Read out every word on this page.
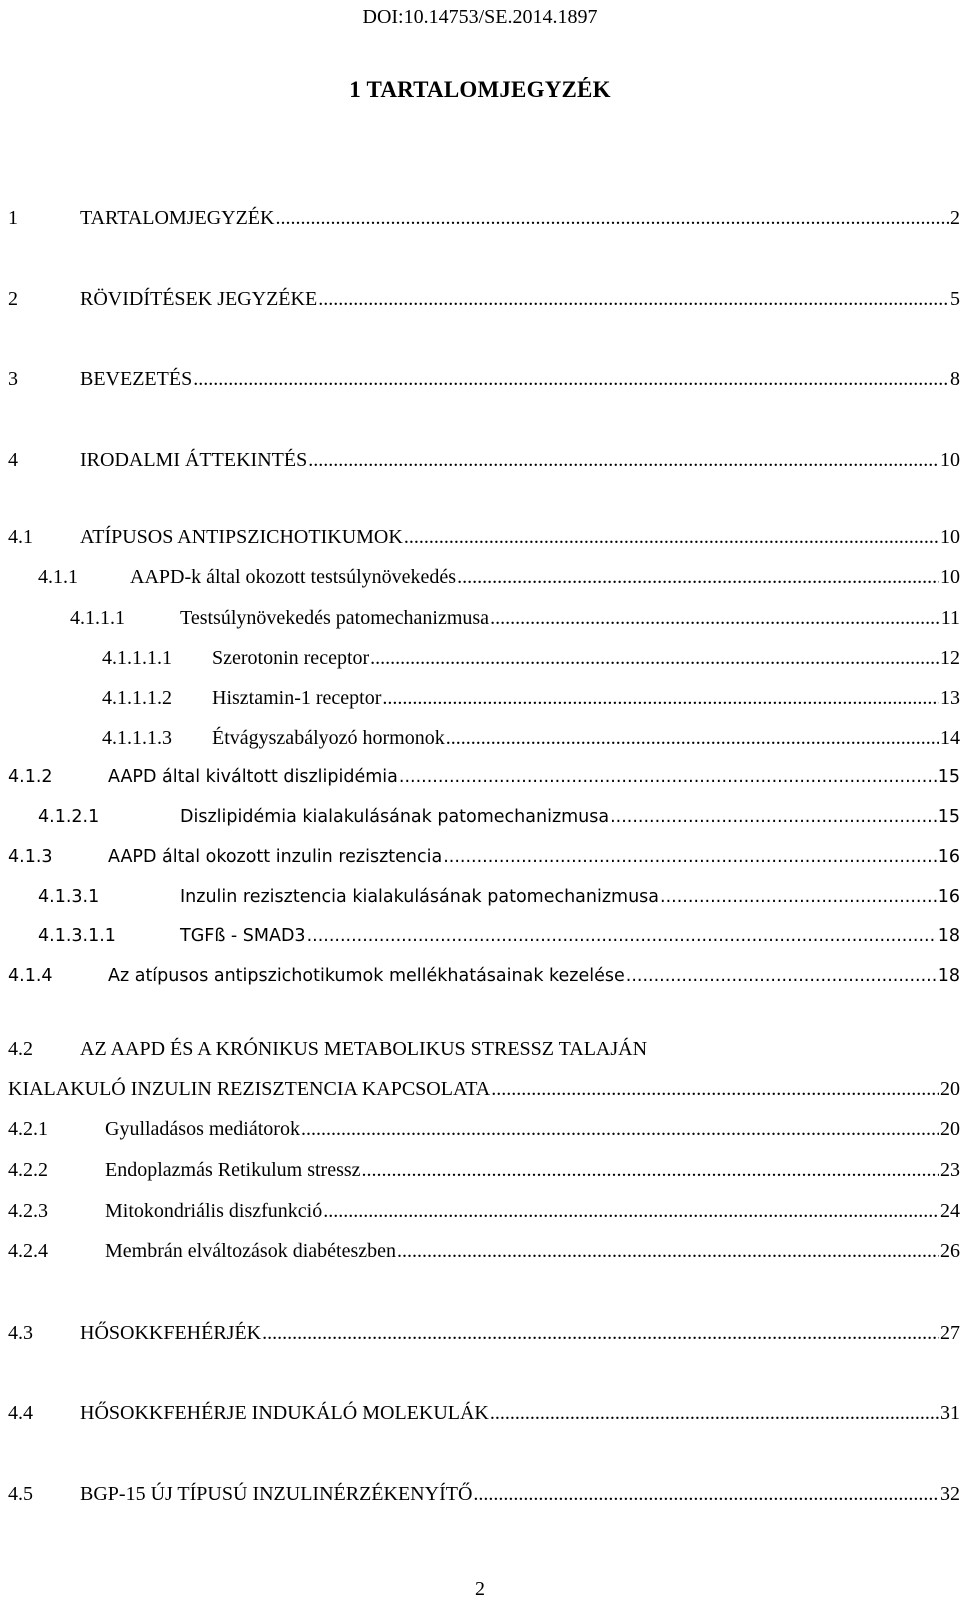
DOI:10.14753/SE.2014.1897
1 TARTALOMJEGYZÉK
1	TARTALOMJEGYZÉK .....	2
2	RÖVIDÍTÉSEK JEGYZÉKE .....	5
3	BEVEZETÉS .....	8
4	IRODALMI ÁTTEKINTÉS .....	10
4.1 ATÍPUSOS ANTIPSZICHOTIKUMOK .....	10
4.1.1	AAPD-k által okozott testsúlynövekedés .....	10
4.1.1.1	Testsúlynövekedés patomechanizmusa .....	11
4.1.1.1.1 Szerotonin receptor .....	12
4.1.1.1.2 Hisztamin-1 receptor .....	13
4.1.1.1.3 Étvágyszabályozó hormonok .....	14
4.1.2	AAPD által kiváltott diszlipidémia .....	15
4.1.2.1	Diszlipidémia kialakulásának patomechanizmusa .....	15
4.1.3	AAPD által okozott inzulin rezisztencia .....	16
4.1.3.1	Inzulin rezisztencia kialakulásának patomechanizmusa .....	16
4.1.3.1.1	TGFß - SMAD3 .....	18
4.1.4	Az atípusos antipszichotikumok mellékhatásainak kezelése .....	18
4.2 AZ AAPD ÉS A KRÓNIKUS METABOLIKUS STRESSZ TALAJÁN
KIALAKULÓ INZULIN REZISZTENCIA KAPCSOLATA .....	20
4.2.1	Gyulladásos mediátorok .....	20
4.2.2	Endoplazmás Retikulum stressz .....	23
4.2.3	Mitokondriális diszfunkció .....	24
4.2.4	Membrán elváltozások diabéteszben .....	26
4.3 HŐSOKKFEHÉRJÉK .....	27
4.4 HŐSOKKFEHÉRJE INDUKÁLÓ MOLEKULÁK .....	31
4.5 BGP-15 ÚJ TÍPUSÚ INZULINÉRZÉKENYÍTŐ .....	32
2
